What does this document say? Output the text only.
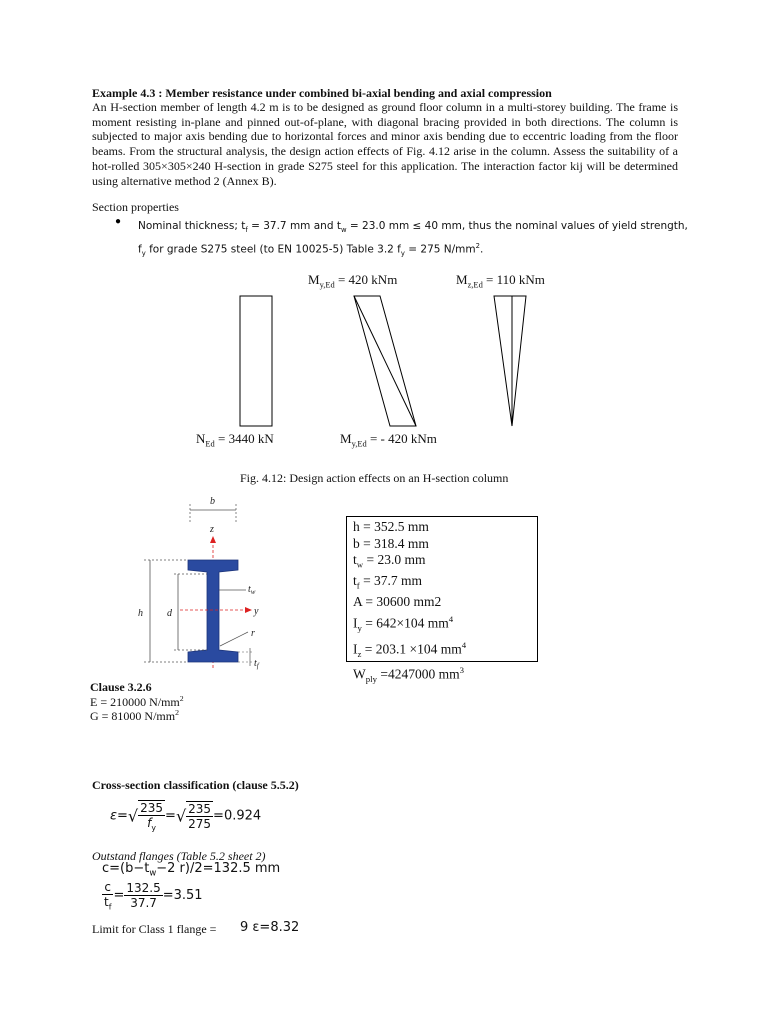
Example 4.3 : Member resistance under combined bi-axial bending and axial compression
An H-section member of length 4.2 m is to be designed as ground floor column in a multi-storey building. The frame is moment resisting in-plane and pinned out-of-plane, with diagonal bracing provided in both directions. The column is subjected to major axis bending due to horizontal forces and minor axis bending due to eccentric loading from the floor beams. From the structural analysis, the design action effects of Fig. 4.12 arise in the column. Assess the suitability of a hot-rolled 305×305×240 H-section in grade S275 steel for this application. The interaction factor kij will be determined using alternative method 2 (Annex B).
Section properties
● Nominal thickness; $t_f = 37.7$ mm and $t_w = 23.0$ mm ≤ 40 mm, thus the nominal values of yield strength,
$f_y$ for grade S275 steel (to EN 10025-5) Table 3.2 $f_y = 275$ $N/mm^2$.
$M_{y,Ed} = 420$ kNm	$M_{z,Ed} = 110$ kNm
$N_{Ed} = 3440$ kN	$M_{y,Ed}$ = - 420 kNm
Fig. 4.12: Design action effects on an H-section column
b
z
y
h d
$t_w$
r
$t_f$
h = 352.5 mm
b = 318.4 mm
$t_w = 23.0$ mm
$t_f = 37.7$ mm
A = 30600 mm2
$I_y = 642\times 104$ $mm^4$
$I_z = 203.1 \times 104$ $mm^4$
$W_{ply} =4247000$ $mm^3$
Clause 3.2.6
E = 210000 $N/mm^2$
G = 81000 $N/mm^2$
Cross-section classification (clause 5.5.2)
$\varepsilon=√ \frac{235}{f_y}$ =√ $\frac{235}{275} =0.924$
Outstand flanges (Table 5.2 sheet 2)
$c=(b-t_w-2$ r)/2=132.5 mm
$\frac{c}{t_f} = \frac{132.5}{37.7} =3.51$
Limit for Class 1 flange = 9 ε=8.32
